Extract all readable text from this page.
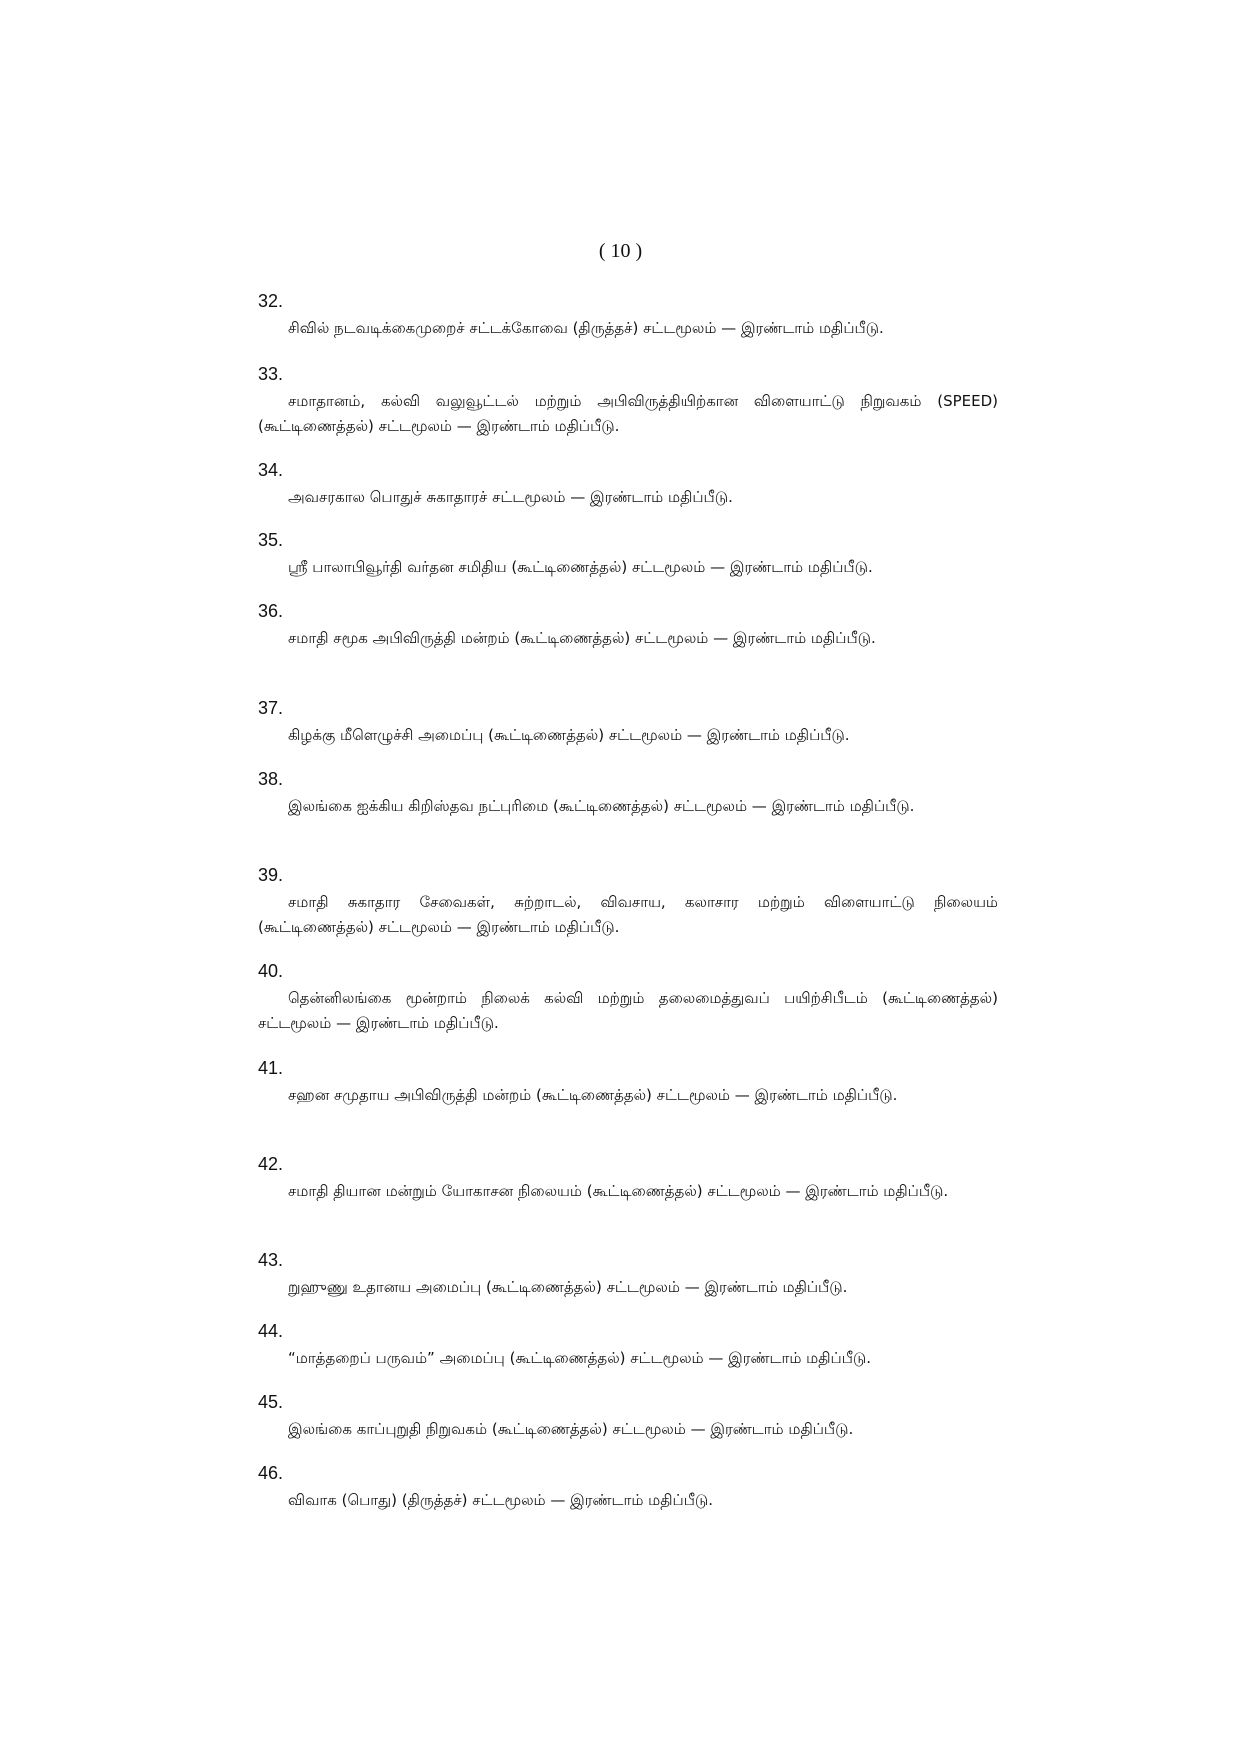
( 10 )
32.
சிவில் நடவடிக்கைமுறைச் சட்டக்கோவை (திருத்தச்) சட்டமூலம் — இரண்டாம் மதிப்பீடு.
33.
சமாதானம், கல்வி வலுவூட்டல் மற்றும் அபிவிருத்தியிற்கான விளையாட்டு நிறுவகம் (SPEED) (கூட்டிணைத்தல்) சட்டமூலம் — இரண்டாம் மதிப்பீடு.
34.
அவசரகால பொதுச் சுகாதாரச் சட்டமூலம் — இரண்டாம் மதிப்பீடு.
35.
ஸ்ரீ பாலாபிவூர்தி வர்தன சமிதிய (கூட்டிணைத்தல்) சட்டமூலம் — இரண்டாம் மதிப்பீடு.
36.
சமாதி சமூக அபிவிருத்தி மன்றம் (கூட்டிணைத்தல்) சட்டமூலம் — இரண்டாம் மதிப்பீடு.
37.
கிழக்கு மீளெழுச்சி அமைப்பு (கூட்டிணைத்தல்) சட்டமூலம் — இரண்டாம் மதிப்பீடு.
38.
இலங்கை ஐக்கிய கிறிஸ்தவ நட்புரிமை (கூட்டிணைத்தல்) சட்டமூலம் — இரண்டாம் மதிப்பீடு.
39.
சமாதி சுகாதார சேவைகள், சுற்றாடல், விவசாய, கலாசார மற்றும் விளையாட்டு நிலையம் (கூட்டிணைத்தல்) சட்டமூலம் — இரண்டாம் மதிப்பீடு.
40.
தென்னிலங்கை மூன்றாம் நிலைக் கல்வி மற்றும் தலைமைத்துவப் பயிற்சிபீடம் (கூட்டிணைத்தல்) சட்டமூலம் — இரண்டாம் மதிப்பீடு.
41.
சஹன சமுதாய அபிவிருத்தி மன்றம் (கூட்டிணைத்தல்) சட்டமூலம் — இரண்டாம் மதிப்பீடு.
42.
சமாதி தியான மன்றும் யோகாசன நிலையம் (கூட்டிணைத்தல்) சட்டமூலம் — இரண்டாம் மதிப்பீடு.
43.
றுஹுணு உதானய அமைப்பு (கூட்டிணைத்தல்) சட்டமூலம் — இரண்டாம் மதிப்பீடு.
44.
“மாத்தறைப் பருவம்” அமைப்பு (கூட்டிணைத்தல்) சட்டமூலம் — இரண்டாம் மதிப்பீடு.
45.
இலங்கை காப்புறுதி நிறுவகம் (கூட்டிணைத்தல்) சட்டமூலம் — இரண்டாம் மதிப்பீடு.
46.
விவாக (பொது) (திருத்தச்) சட்டமூலம் — இரண்டாம் மதிப்பீடு.
